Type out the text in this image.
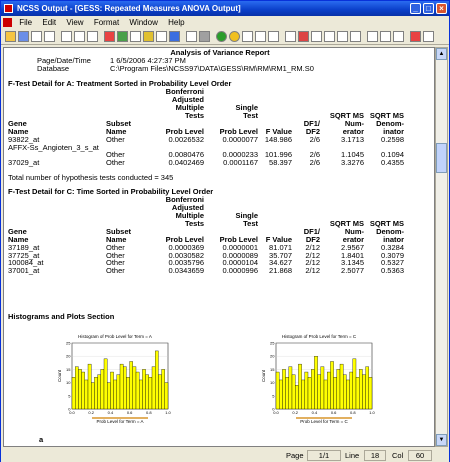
NCSS Output - [GESS: Repeated Measures ANOVA Output]	_	□	×
File Edit View Format Window Help
Analysis of Variance Report
Page/Date/Time	1 6/5/2006 4:27:37 PM
Database	C:\Program Files\NCSS97\DATA\GESS\RM\RM\RM1_RM.S0
F-Test Detail for A: Treatment Sorted in Probability Level Order
Total number of hypothesis tests conducted = 345
F-Test Detail for C: Time Sorted in Probability Level Order
Histograms and Plots Section
Histogram of Prob Level for Term = A
0
5
10
15
20
25
0.0	0.2	0.4	0.6	0.8	1.0
Prob Level for Term = A
Count
Histogram of Prob Level for Term = C
0
5
10
15
20
25
0.0	0.2	0.4	0.6	0.8	1.0
Prob Level for Term = C
Count
a
Bonferroni
Adjusted
Multiple	Single
SQRT MS SQRT MS
Tests	Test
Gene	Subset	DF1/	Num-	Denom-
Name	Name	Prob Level	Prob Level	F Value	DF2	erator	inator
93822_at	Other	0.0026532	0.0000077 148.986	2/6	3.1713	0.2598
AFFX-Ss_Angioten_3_s_at
Other	0.0080476	0.0000233 101.996	2/6	1.1045	0.1094
37029_at	Other	0.0402469	0.0001167	58.397	2/6	3.3276	0.4355
Bonferroni
Adjusted
Multiple	Single
SQRT MS SQRT MS
Tests	Test
Gene	Subset	DF1/	Num-	Denom-
Name	Name	Prob Level	Prob Level	F Value	DF2	erator	inator
37189_at	Other	0.0000369	0.0000001	81.071	2/12	2.9567	0.3284
37725_at	Other	0.0030582	0.0000089	35.707	2/12	1.8401	0.3079
100084_at	Other	0.0035796	0.0000104	34.627	2/12	3.1345	0.5327
37001_at	Other	0.0343659	0.0000996	21.868	2/12	2.5077	0.5363
▲
▼
Page	1/1	Line	18	Col	60
